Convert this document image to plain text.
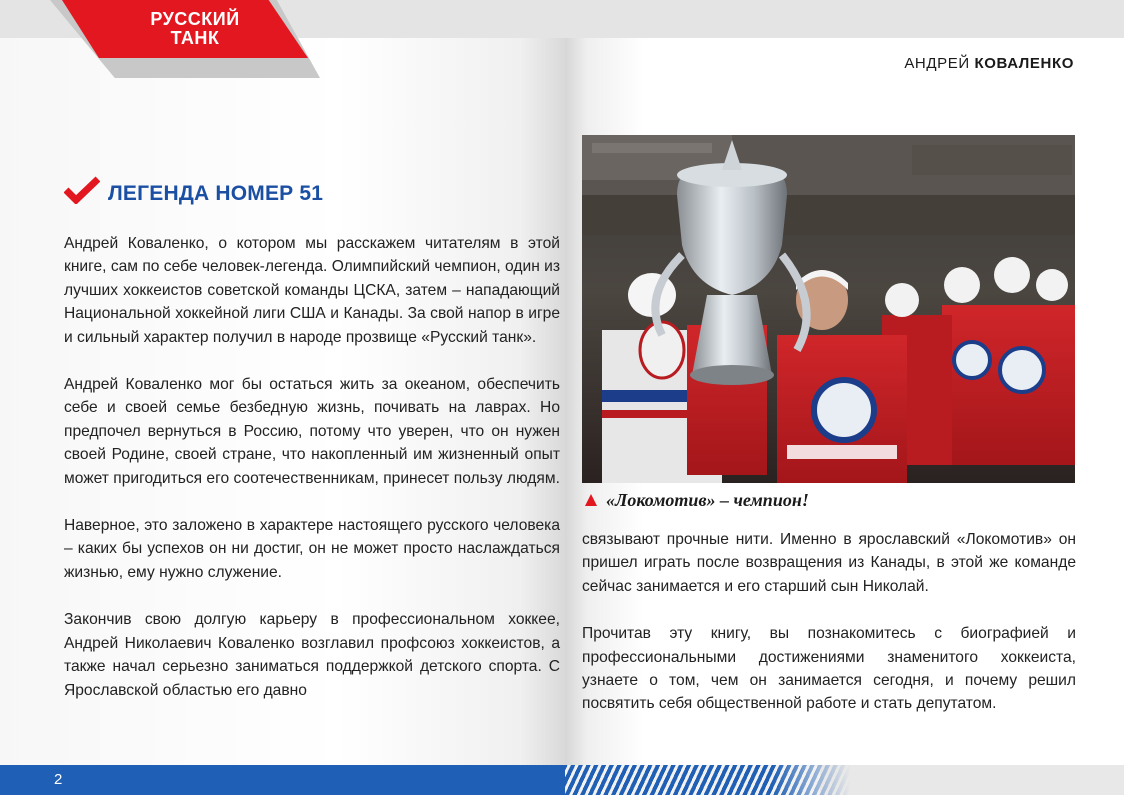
РУССКИЙ
ТАНК
АНДРЕЙ КОВАЛЕНКО
ЛЕГЕНДА НОМЕР 51

Андрей Коваленко, о котором мы расскажем читателям в этой книге, сам по себе человек-легенда. Олимпийский чемпион, один из лучших хоккеистов советской команды ЦСКА, затем – нападающий Национальной хоккейной лиги США и Канады. За свой напор в игре и сильный характер получил в народе прозвище «Русский танк».

Андрей Коваленко мог бы остаться жить за океаном, обеспечить себе и своей семье безбедную жизнь, почивать на лаврах. Но предпочел вернуться в Россию, потому что уверен, что он нужен своей Родине, своей стране, что накопленный им жизненный опыт может пригодиться его соотечественникам, принесет пользу людям.

Наверное, это заложено в характере настоящего русского человека – каких бы успехов он ни достиг, он не может просто наслаждаться жизнью, ему нужно служение.

Закончив свою долгую карьеру в профессиональном хоккее, Андрей Николаевич Коваленко возглавил профсоюз хоккеистов, а также начал серьезно заниматься поддержкой детского спорта. С Ярославской областью его давно

«Локомотив» – чемпион!

связывают прочные нити. Именно в ярославский «Локомотив» он пришел играть после возвращения из Канады, в этой же команде сейчас занимается и его старший сын Николай.

Прочитав эту книгу, вы познакомитесь с биографией и профессиональными достижениями знаменитого хоккеиста, узнаете о том, чем он занимается сегодня, и почему решил посвятить себя общественной работе и стать депутатом.

2
